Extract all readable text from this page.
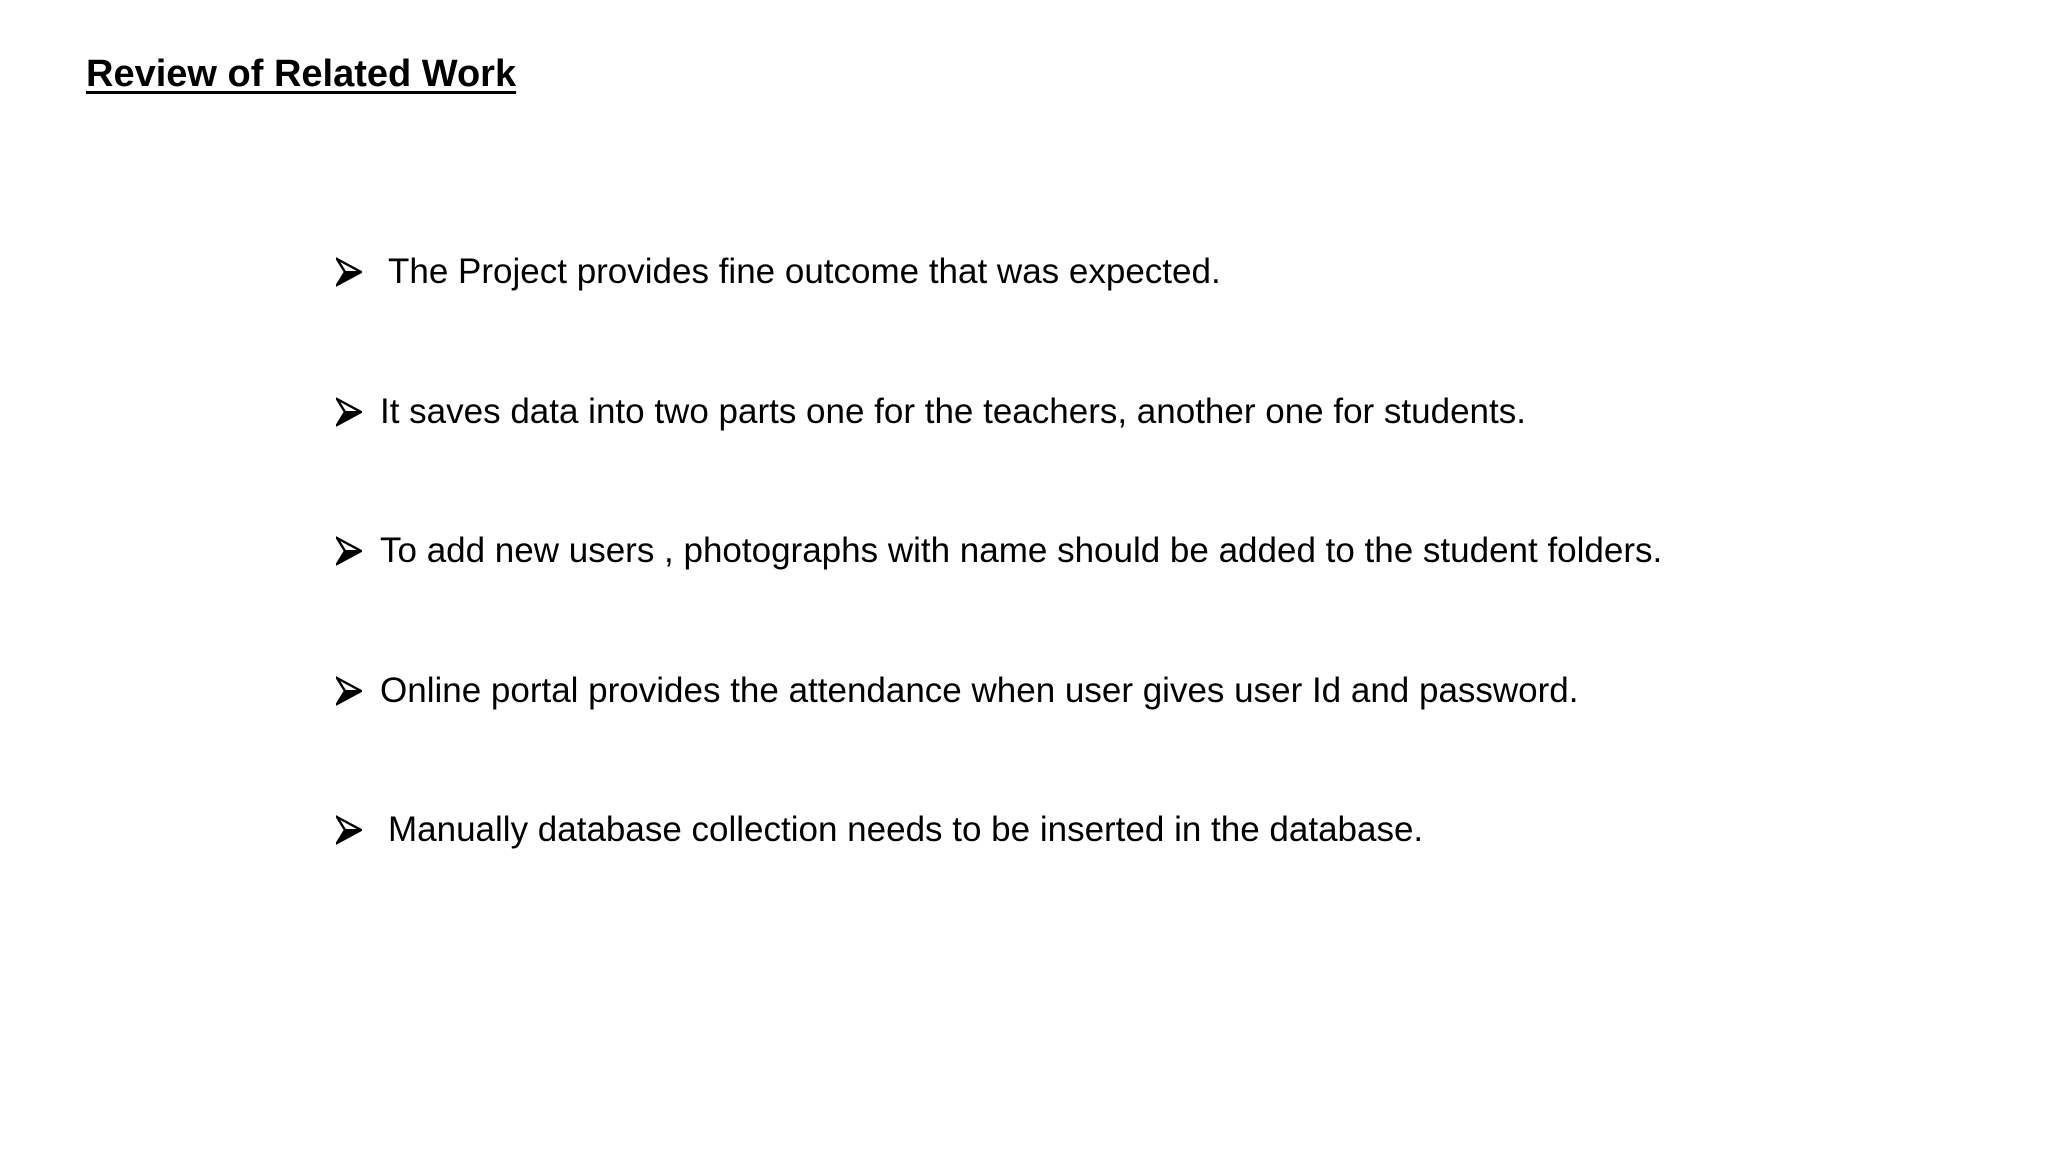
Review of Related Work
The Project provides fine outcome that was expected.
It saves data into two parts one for the teachers, another one for students.
To add new users , photographs with name should be added to the student folders.
Online portal provides the attendance when user gives user Id and password.
Manually database collection needs to be inserted in the database.
